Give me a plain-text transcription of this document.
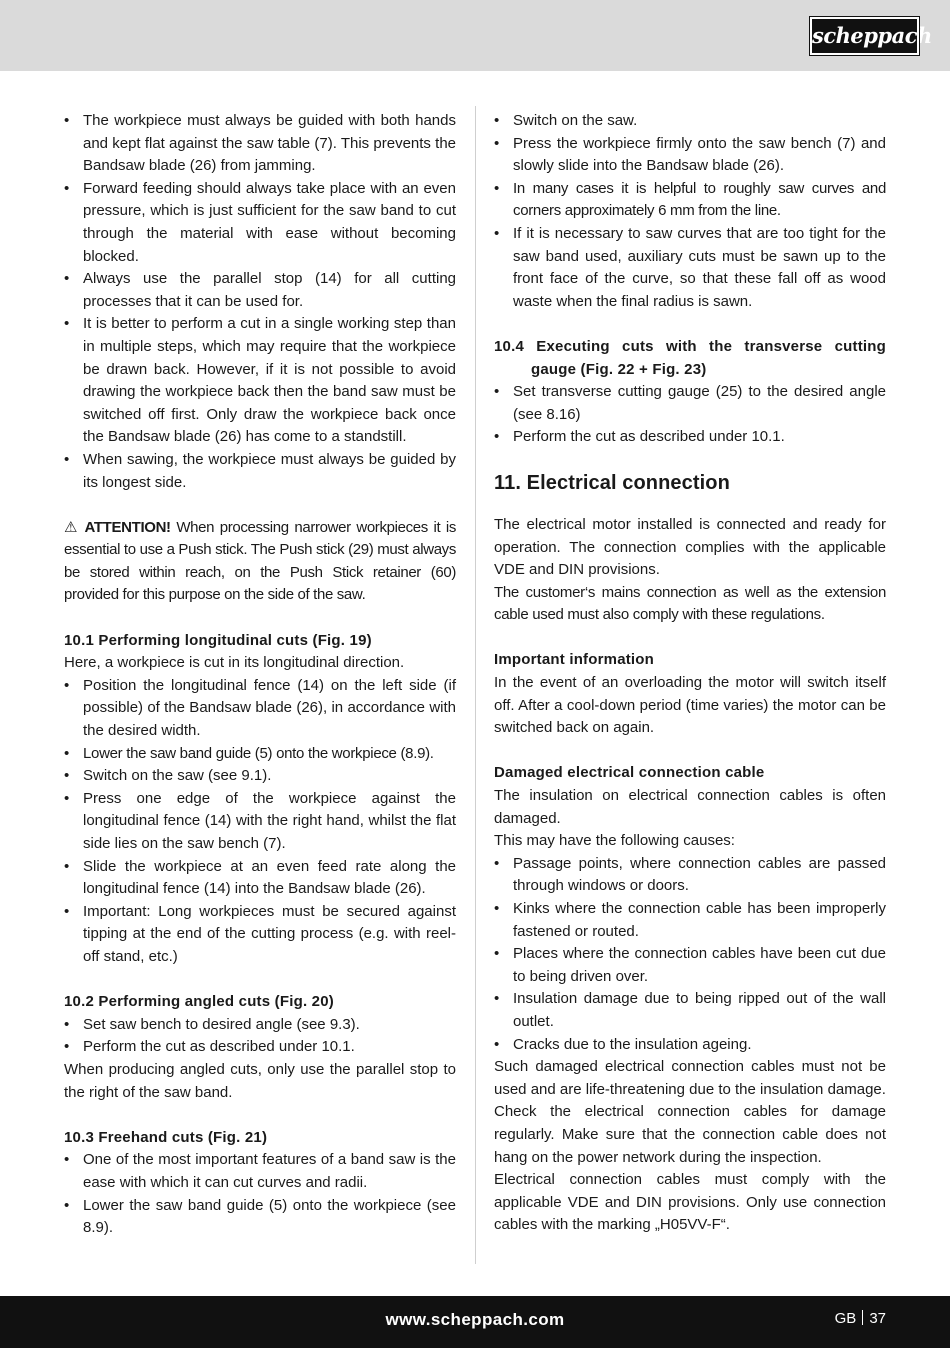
scheppach
• The workpiece must always be guided with both hands and kept flat against the saw table (7). This prevents the Bandsaw blade (26) from jamming.
• Forward feeding should always take place with an even pressure, which is just sufficient for the saw band to cut through the material with ease without becoming blocked.
• Always use the parallel stop (14) for all cutting processes that it can be used for.
• It is better to perform a cut in a single working step than in multiple steps, which may require that the workpiece be drawn back. However, if it is not possible to avoid drawing the workpiece back then the band saw must be switched off first. Only draw the workpiece back once the Bandsaw blade (26) has come to a standstill.
• When sawing, the workpiece must always be guided by its longest side.

⚠ ATTENTION! When processing narrower workpieces it is essential to use a Push stick. The Push stick (29) must always be stored within reach, on the Push Stick retainer (60) provided for this purpose on the side of the saw.

10.1 Performing longitudinal cuts (Fig. 19)

Here, a workpiece is cut in its longitudinal direction.

• Position the longitudinal fence (14) on the left side (if possible) of the Bandsaw blade (26), in accordance with the desired width.
• Lower the saw band guide (5) onto the workpiece (8.9).
• Switch on the saw (see 9.1).
• Press one edge of the workpiece against the longitudinal fence (14) with the right hand, whilst the flat side lies on the saw bench (7).
• Slide the workpiece at an even feed rate along the longitudinal fence (14) into the Bandsaw blade (26).
• Important: Long workpieces must be secured against tipping at the end of the cutting process (e.g. with reel-off stand, etc.)

10.2 Performing angled cuts (Fig. 20)

• Set saw bench to desired angle (see 9.3).
• Perform the cut as described under 10.1.

When producing angled cuts, only use the parallel stop to the right of the saw band.

10.3 Freehand cuts (Fig. 21)

• One of the most important features of a band saw is the ease with which it can cut curves and radii.
• Lower the saw band guide (5) onto the workpiece (see 8.9).
• Switch on the saw.
• Press the workpiece firmly onto the saw bench (7) and slowly slide into the Bandsaw blade (26).
• In many cases it is helpful to roughly saw curves and corners approximately 6 mm from the line.
• If it is necessary to saw curves that are too tight for the saw band used, auxiliary cuts must be sawn up to the front face of the curve, so that these fall off as wood waste when the final radius is sawn.

10.4 Executing cuts with the transverse cutting gauge (Fig. 22 + Fig. 23)

• Set transverse cutting gauge (25) to the desired angle (see 8.16)
• Perform the cut as described under 10.1.

11. Electrical connection

The electrical motor installed is connected and ready for operation. The connection complies with the applicable VDE and DIN provisions.

The customer‘s mains connection as well as the extension cable used must also comply with these regulations.

Important information

In the event of an overloading the motor will switch itself off. After a cool-down period (time varies) the motor can be switched back on again.

Damaged electrical connection cable

The insulation on electrical connection cables is often damaged.

This may have the following causes:

• Passage points, where connection cables are passed through windows or doors.
• Kinks where the connection cable has been improperly fastened or routed.
• Places where the connection cables have been cut due to being driven over.
• Insulation damage due to being ripped out of the wall outlet.
• Cracks due to the insulation ageing.

Such damaged electrical connection cables must not be used and are life-threatening due to the insulation damage.

Check the electrical connection cables for damage regularly. Make sure that the connection cable does not hang on the power network during the inspection.

Electrical connection cables must comply with the applicable VDE and DIN provisions. Only use connection cables with the marking „H05VV-F“.

www.scheppach.com	GB 37
